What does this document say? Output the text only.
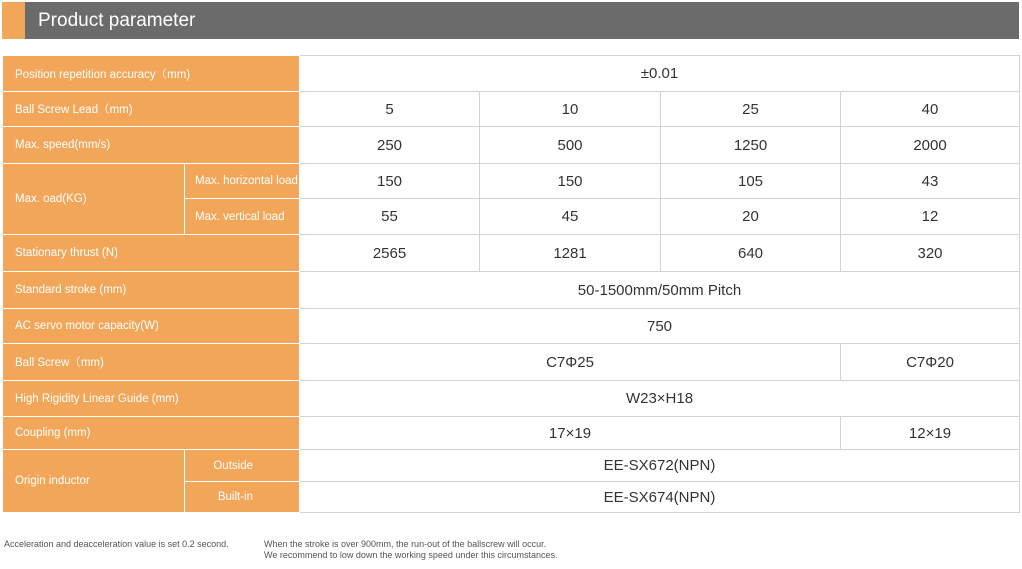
Product parameter
Position repetition accuracy（mm)		±0.01			
Ball Screw Lead（mm)		5	10	25	40
Max. speed(mm/s)		250	500	1250	2000
Max. oad(KG)	Max. horizontal load	150	150	105	43
	Max. vertical load	55	45	20	12
Stationary thrust (N)		2565	1281	640	320
Standard stroke (mm)		50-1500mm/50mm Pitch			
AC servo motor capacity(W)		750			
Ball Screw（mm)		C7Φ25			C7Φ20
High Rigidity Linear Guide (mm)		W23×H18			
Coupling (mm)		17×19			12×19
Origin inductor	Outside	EE-SX672(NPN)			
	Built-in	EE-SX674(NPN)			
Acceleration and deacceleration value is set 0.2 second.	When the stroke is over 900mm, the run-out of the ballscrew will occur.
We recommend to low down the working speed under this circumstances.
